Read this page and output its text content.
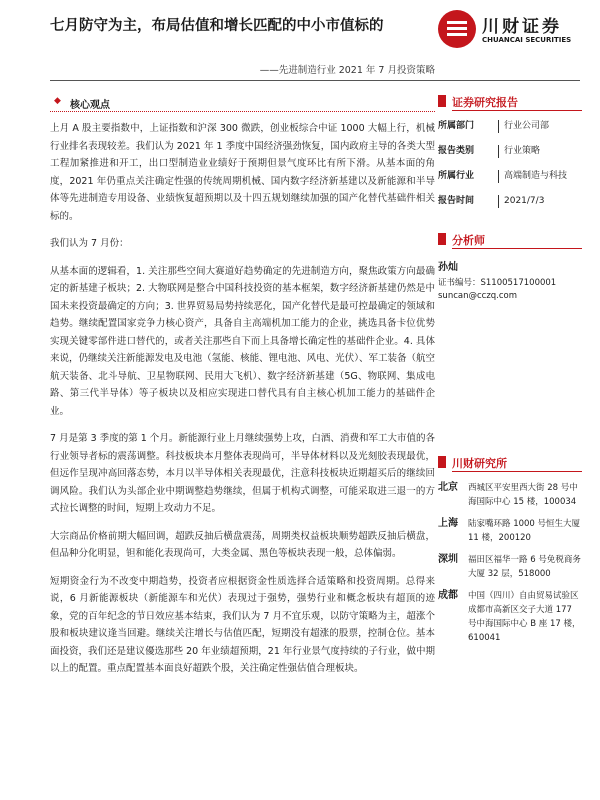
七月防守为主，布局估值和增长匹配的中小市值标的
——先进制造行业 2021 年 7 月投资策略
川财证券
CHUANCAI SECURITIES
◆ 核心观点

上月 A 股主要指数中，上证指数和沪深 300 微跌，创业板综合中证 1000 大幅上行，机械行业排名表现较差。我们认为 2021 年 1 季度中国经济强劲恢复，国内政府主导的各类大型工程加紧推进和开工，出口型制造业业绩好于预期但景气度环比有所下滑。从基本面的角度，2021 年仍重点关注确定性强的传统周期机械、国内数字经济新基建以及新能源和半导体等先进制造专用设备、业绩恢复超预期以及十四五规划继续加强的国产化替代基础件相关标的。

我们认为 7 月份：

从基本面的逻辑看，1. 关注那些空间大赛道好趋势确定的先进制造方向，聚焦政策方向最确定的新基建子板块；2. 大物联网是整合中国科技投资的基本框架，数字经济新基建仍然是中国未来投资最确定的方向；3. 世界贸易局势持续恶化，国产化替代是最可控最确定的领域和趋势。继续配置国家竞争力核心资产，具备自主高端机加工能力的企业，挑选具备卡位优势实现关键零部件进口替代的，或者关注那些自下而上具备增长确定性的基础件企业。4. 具体来说，仍继续关注新能源发电及电池（氢能、核能、锂电池、风电、光伏）、军工装备（航空航天装备、北斗导航、卫星物联网、民用大飞机）、数字经济新基建（5G、物联网、集成电路、第三代半导体）等子板块以及相应实现进口替代具有自主核心机加工能力的基础件企业。

7 月是第 3 季度的第 1 个月。新能源行业上月继续强势上攻，白酒、消费和军工大市值的各行业领导者标的震荡调整。科技板块本月整体表现尚可，半导体材料以及光刻胶表现最优，但远作呈现冲高回落态势，本月以半导体相关表现最优，注意科技板块近期超买后的继续回调风险。我们认为头部企业中期调整趋势继续，但属于机构式调整，可能采取进三退一的方式拉长调整的时间，短期上攻动力不足。

大宗商品价格前期大幅回调，超跌反抽后横盘震荡，周期类权益板块顺势超跌反抽后横盘，但品种分化明显，钽和能化表现尚可，大类金属、黑色等板块表现一般，总体偏弱。

短期资金行为不改变中期趋势，投资者应根据资金性质选择合适策略和投资周期。总得来说，6 月新能源板块（新能源车和光伏）表现过于强势，强势行业和概念板块有超顶的迹象，党的百年纪念的节日效应基本结束，我们认为 7 月不宜乐观，以防守策略为主，超涨个股和板块建议逢当回避。继续关注增长与估值匹配，短期没有超涨的股票，控制仓位。基本面投资，我们还是建议優选那些 20 年业绩超预期，21 年行业景气度持续的子行业，做中期以上的配置。重点配置基本面良好超跌个股，关注确定性强估值合理板块。

证券研究报告
所属部门	行业公司部
报告类别	行业策略
所属行业	高端制造与科技
报告时间	2021/7/3
分析师
孙灿
证书编号：S1100517100001
suncan@cczq.com
川财研究所
北京	西城区平安里西大街 28 号中海国际中心 15 楼，100034
上海	陆家嘴环路 1000 号恒生大厦 11 楼，200120
深圳	福田区福华一路 6 号免税商务大厦 32 层，518000
成都	中国（四川）自由贸易试验区成都市高新区交子大道 177 号中海国际中心 B 座 17 楼，610041
